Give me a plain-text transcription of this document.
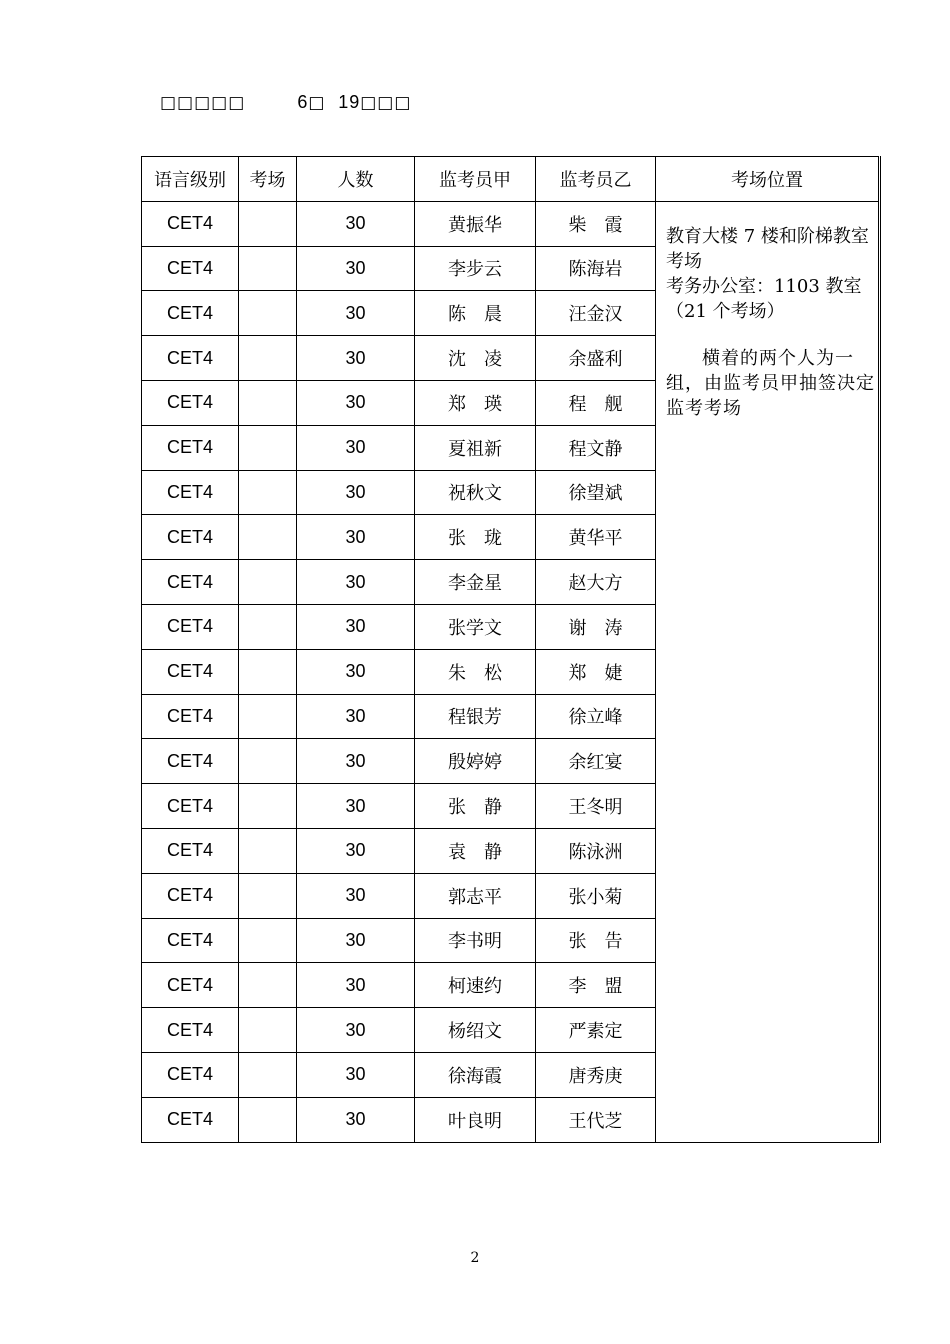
□□□□□	6□ 19□□□
语言级别	考场	人数	监考员甲	监考员乙	考场位置
CET4		30	黄振华	柴　霞	教育大楼 7 楼和阶梯教室考场

考务办公室：1103 教室（21 个考场）

横着的两个人为一组，由监考员甲抽签决定监考考场

CET4		30	李步云	陈海岩	
CET4		30	陈　晨	汪金汉	
CET4		30	沈　凌	余盛利	
CET4		30	郑　瑛	程　舰	
CET4		30	夏祖新	程文静	
CET4		30	祝秋文	徐望斌	
CET4		30	张　珑	黄华平	
CET4		30	李金星	赵大方	
CET4		30	张学文	谢　涛	
CET4		30	朱　松	郑　婕	
CET4		30	程银芳	徐立峰	
CET4		30	殷婷婷	余红宴	
CET4		30	张　静	王冬明	
CET4		30	袁　静	陈泳洲	
CET4		30	郭志平	张小菊	
CET4		30	李书明	张　告	
CET4		30	柯速约	李　盟	
CET4		30	杨绍文	严素定	
CET4		30	徐海霞	唐秀庚	
CET4		30	叶良明	王代芝	
2
